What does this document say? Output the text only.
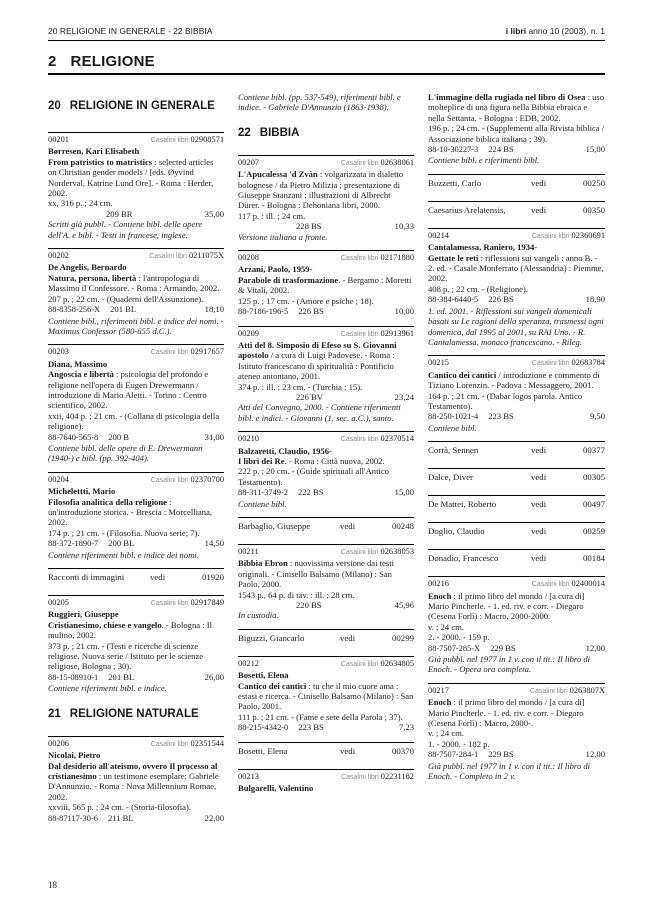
20 RELIGIONE IN GENERALE - 22 BIBBIA	i libri anno 10 (2003), n. 1
2 RELIGIONE
20 RELIGIONE IN GENERALE
00201	Casalini libri 02908571
Børresen, Kari Elisabeth
From patristics to matristics : selected articles on Christian gender models / [eds. Øyvind Norderval, Katrine Lund Ore]. - Roma : Herder, 2002.
xx, 316 p. ; 24 cm.
209 BR	35,00
Scritti già pubbl. - Contiene bibl. delle opere dell'A. e bibl. - Testi in francese, inglese.
00202	Casalini libri 0211075X
De Angelis, Bernardo
Natura, persona, libertà : l'antropologia di Massimo il Confessore. - Roma : Armando, 2002.
207 p. ; 22 cm. - (Quaderni dell'Assunzione).
88-8358-256-X 201 BL	18,10
Contiene bibl., riferimenti bibl. e indice dei nomi. - Maximus Confessor (580-655 d.C.).
00203	Casalini libri 02917657
Diana, Massimo
Angoscia e libertà : psicologia del profondo e religione nell'opera di Eugen Drewermann / introduzione di Mario Aletti. - Torino : Centro scientifico, 2002.
xxii, 404 p. ; 21 cm. - (Collana di psicologia della religione).
88-7640-565-8 200 B	31,00
Contiene bibl. delle opere di E. Drewermann (1940-) e bibl. (pp. 392-404).
00204	Casalini libri 02370700
Michelettti, Mario
Filosofia analitica della religione : un'introduzione storica. - Brescia : Morcelliana, 2002.
174 p. ; 21 cm. - (Filosofia. Nuova serie; 7).
88-372-1890-7 200 BL	14,50
Contiene riferimenti bibl. e indice dei nomi.
Racconti di immagini	vedi	01920
00205	Casalini libri 02917849
Ruggieri, Giuseppe
Cristianesimo, chiese e vangelo. - Bologna : Il mulino, 2002.
373 p. ; 21 cm. - (Testi e ricerche di scienze religiose. Nuova serie / Istituto per le scienze religiose, Bologna ; 30).
88-15-08910-1 201 BL	26,00
Contiene riferimenti bibl. e indice.
21 RELIGIONE NATURALE
00206	Casalini libri 02351544
Nicolai, Pietro
Dal desiderio all'ateismo, ovvero Il processo al cristianesimo : un testimone esemplare: Gabriele D'Annunzio. - Roma : Nova Millennium Romae, 2002.
xxviii, 565 p. ; 24 cm. - (Storia-filosofia).
88-87117-30-6 211 BL	22,00
Contiene bibl. (pp. 537-549), riferimenti bibl. e indice. - Gabriele D'Annunzio (1863-1938).
22 BIBBIA
00207	Casalini libri 02638061
L'Apucalessa 'd Zvàn : volgarizzata in dialetto bolognese / da Pietro Milizia ; presentazione di Giuseppe Stanzani ; illustrazioni di Albrecht Dürer. - Bologna : Dehoniana libri, 2000.
117 p. : ill. ; 24 cm.
228 BS	10,33
Versione italiana a fronte.
00208	Casalini libri 02171880
Arzani, Paolo, 1959-
Parabole di trasformazione. - Bergamo : Moretti & Vitali, 2002.
125 p. ; 17 cm. - (Amore e psiche ; 18).
88-7186-196-5 226 BS	10,00
00209	Casalini libri 02913961
Atti del 8. Simposio di Efeso su S. Giovanni apostolo / a cura di Luigi Padovese. - Roma : Istituto francescano di spiritualità : Pontificio ateneo antoniano, 2001.
374 p. : ill. ; 23 cm. - (Turchia ; 15).
226 BV	23,24
Atti del Convegno, 2000. - Contiene riferimenti bibl. e indici. - Giovanni (1. sec. a.C.), santo.
00210	Casalini libri 02370514
Balzaretti, Claudio, 1956-
I libri dei Re. - Roma : Città nuova, 2002.
222 p. ; 20 cm. - (Guide spirituali all'Antico Testamento).
88-311-3749-2 222 BS	15,00
Contiene bibl.
Barbaglio, Giuseppe	vedi	00248
00211	Casalini libri 02638053
Bibbia Ebron : nuovissima versione dai testi originali. - Cinisello Balsamo (Milano) : San Paolo, 2000.
1543 p., 64 p. di tav. : ill. ; 28 cm.
220 BS	45,96
In custodia.
Biguzzi, Giancarlo	vedi	00299
00212	Casalini libri 02634805
Bosetti, Elena
Cantico dei cantici : tu che il mio cuore ama : estasi e ricerca. - Cinisello Balsamo (Milano) : San Paolo, 2001.
111 p. ; 21 cm. - (Fame e sete della Parola ; 37).
88-215-4342-0 223 BS	7,23
Bosetti, Elena	vedi	00370
00213	Casalini libri 02231182
Bulgarelli, Valentino
L'immagine della rugiada nel libro di Osea : uso molteplice di una figura nella Bibbia ebraica e nella Settanta. - Bologna : EDB, 2002.
196 p. ; 24 cm. - (Supplementi alla Rivista biblica / Associazione biblica italiana ; 39).
88-10-30227-3 224 BS	15,00
Contiene bibl. e riferimenti bibl.
Buzzetti, Carlo	vedi	00250
Caesarius Arelatensis,	vedi	00350
00214	Casalini libri 02360691
Cantalamessa, Raniero, 1934-
Gettate le reti : riflessioni sui vangeli : anno B. - 2. ed. - Casale Monferrato (Alessandria) : Piemme, 2002.
408 p. ; 22 cm. - (Religione).
88-384-6440-5 226 BS	18,90
1. ed. 2001. - Riflessioni sui vangeli domenicali basati su Le ragioni della speranza, trasmessi ogni domenica, dal 1995 al 2001, su RAI Uno. - R. Cantalamessa, monaco francescano. - Rileg.
00215	Casalini libri 02683784
Cantico dei cantici / introduzione e commento di Tiziano Lorenzin. - Padova : Messaggero, 2001.
164 p. ; 21 cm. - (Dabar logos parola. Antico Testamento).
88-250-1021-4 223 BS	9,50
Contiene bibl.
Corrà, Sennen	vedi	00377
Dalce, Diver	vedi	00305
De Mattei, Roberto	vedi	00497
Doglio, Claudio	vedi	00259
Donadio, Francesco	vedi	00184
00216	Casalini libri 02400014
Enoch : il primo libro del mondo / [a cura di] Mario Pincherle. - 1. ed. riv. e corr. - Diegaro (Cesena Forlì) : Macro, 2000-2000.
v. ; 24 cm.
2. - 2000. - 159 p.
88-7507-285-X 229 BS	12,00
Già pubbl. nel 1977 in 1 v. con il tit.: Il libro di Enoch. - Opera ora completa.
00217	Casalini libri 0263807X
Enoch : il primo libro del mondo / [a cura di] Mario Pincherle. - 1. ed. riv. e corr. - Diegaro (Cesena Forlì) : Macro, 2000-.
v. ; 24 cm.
1. - 2000. - 182 p.
88-7507-284-1 229 BS	12,00
Già pubbl. nel 1977 in 1 v. con il tit.: Il libro di Enoch. - Completo in 2 v.
18
